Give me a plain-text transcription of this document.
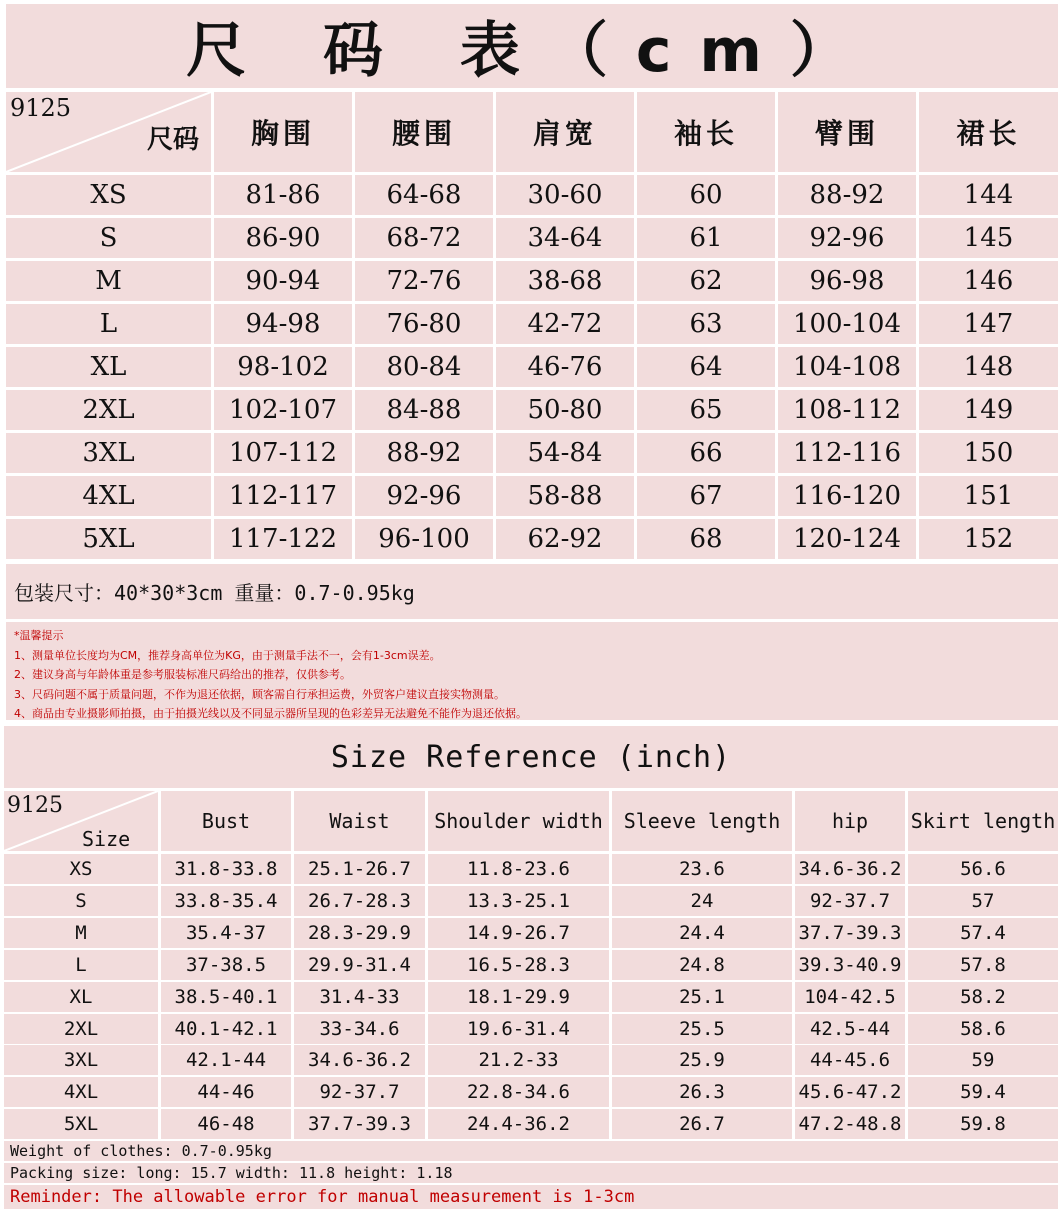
尺 码 表（cm）
9125
尺码	胸围	腰围	肩宽	袖长	臂围	裙长
XS	81-86	64-68	30-60	60	88-92	144
S	86-90	68-72	34-64	61	92-96	145
M	90-94	72-76	38-68	62	96-98	146
L	94-98	76-80	42-72	63	100-104	147
XL	98-102	80-84	46-76	64	104-108	148
2XL	102-107	84-88	50-80	65	108-112	149
3XL	107-112	88-92	54-84	66	112-116	150
4XL	112-117	92-96	58-88	67	116-120	151
5XL	117-122	96-100	62-92	68	120-124	152
包装尺寸：40*30*3cm 重量：0.7-0.95kg
*温馨提示
1、测量单位长度均为CM，推荐身高单位为KG，由于测量手法不一，会有1-3cm误差。
2、建议身高与年龄体重是参考服装标准尺码给出的推荐，仅供参考。
3、尺码问题不属于质量问题，不作为退还依据，顾客需自行承担运费，外贸客户建议直接实物测量。
4、商品由专业摄影师拍摄，由于拍摄光线以及不同显示器所呈现的色彩差异无法避免不能作为退还依据。
Size Reference (inch)
9125
Size
Bust	Waist	Shoulder width	Sleeve length	hip	Skirt length
XS	31.8-33.8	25.1-26.7	11.8-23.6	23.6	34.6-36.2	56.6
S	33.8-35.4	26.7-28.3	13.3-25.1	24	92-37.7	57
M	35.4-37	28.3-29.9	14.9-26.7	24.4	37.7-39.3	57.4
L	37-38.5	29.9-31.4	16.5-28.3	24.8	39.3-40.9	57.8
XL	38.5-40.1	31.4-33	18.1-29.9	25.1	104-42.5	58.2
2XL	40.1-42.1	33-34.6	19.6-31.4	25.5	42.5-44	58.6
3XL	42.1-44	34.6-36.2	21.2-33	25.9	44-45.6	59
4XL	44-46	92-37.7	22.8-34.6	26.3	45.6-47.2	59.4
5XL	46-48	37.7-39.3	24.4-36.2	26.7	47.2-48.8	59.8
Weight of clothes: 0.7-0.95kg
Packing size: long: 15.7 width: 11.8 height: 1.18
Reminder: The allowable error for manual measurement is 1-3cm
